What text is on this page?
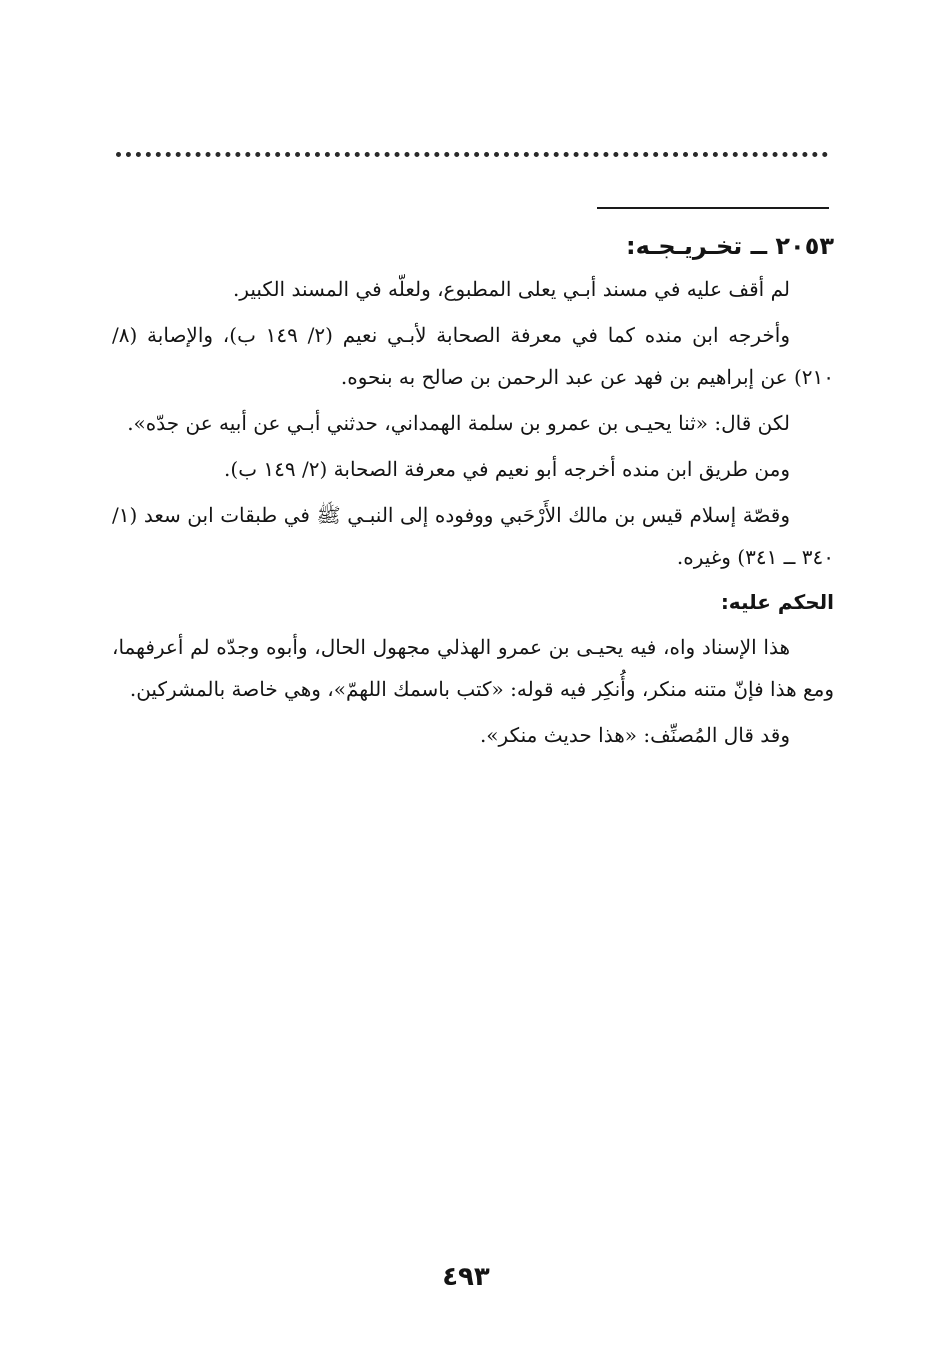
٢٠٥٣ ــ تخـريـجـه:

لم أقف عليه في مسند أبـي يعلى المطبوع، ولعلّه في المسند الكبير.

وأخرجه ابن منده كما في معرفة الصحابة لأبـي نعيم (٢/ ١٤٩ ب)، والإصابة (٨/ ٢١٠) عن إبراهيم بن فهد عن عبد الرحمن بن صالح به بنحوه.

لكن قال: «ثنا يحيـى بن عمرو بن سلمة الهمداني، حدثني أبـي عن أبيه عن جدّه».

ومن طريق ابن منده أخرجه أبو نعيم في معرفة الصحابة (٢/ ١٤٩ ب).

وقصّة إسلام قيس بن مالك الأَرْحَبي ووفوده إلى النبـي ﷺ في طبقات ابن سعد (١/ ٣٤٠ ــ ٣٤١) وغيره.

الحكم عليه:

هذا الإسناد واه، فيه يحيـى بن عمرو الهذلي مجهول الحال، وأبوه وجدّه لم أعرفهما، ومع هذا فإنّ متنه منكر، وأُنكِر فيه قوله: «كتب باسمك اللهمّ»، وهي خاصة بالمشركين.

وقد قال المُصنِّف: «هذا حديث منكر».

٤٩٣
